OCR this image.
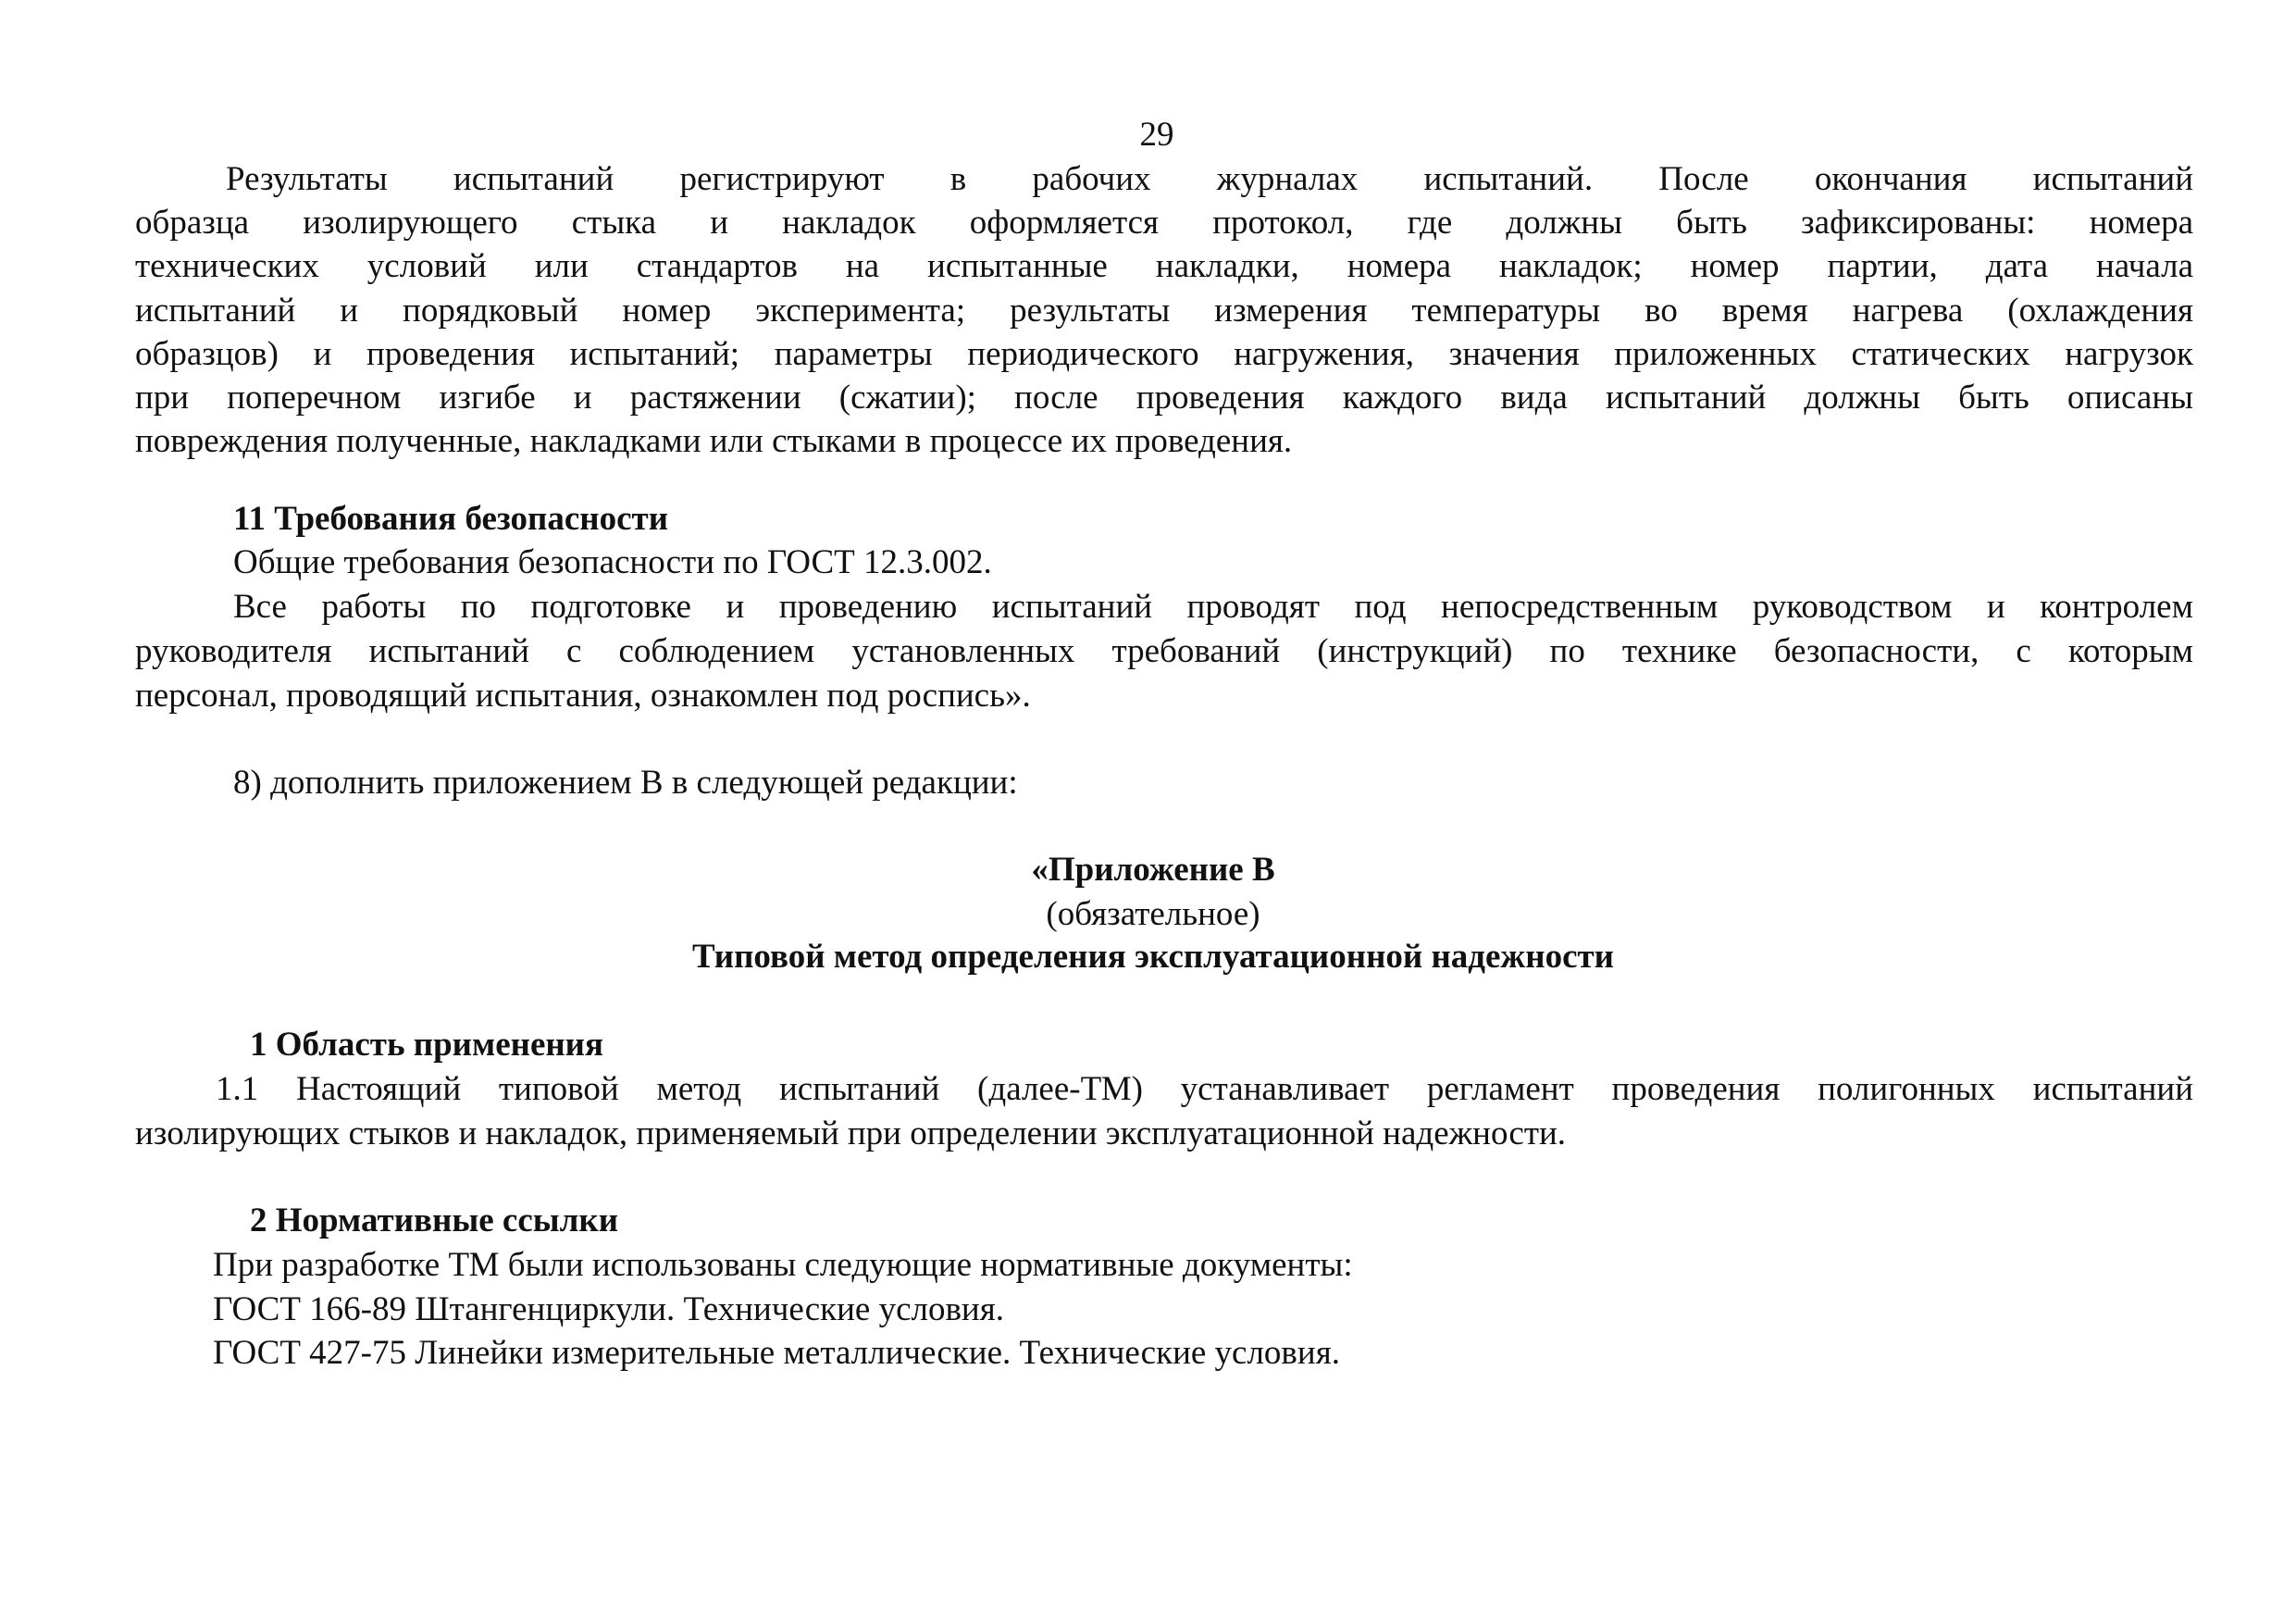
29
Результаты испытаний регистрируют в рабочих журналах испытаний. После окончания испытаний
образца изолирующего стыка и накладок оформляется протокол, где должны быть зафиксированы: номера
технических условий или стандартов на испытанные накладки, номера накладок; номер партии, дата начала
испытаний и порядковый номер эксперимента; результаты измерения температуры во время нагрева (охлаждения
образцов) и проведения испытаний; параметры периодического нагружения, значения приложенных статических нагрузок
при поперечном изгибе и растяжении (сжатии); после проведения каждого вида испытаний должны быть описаны
повреждения полученные, накладками или стыками в процессе их проведения.
11 Требования безопасности
Общие требования безопасности по ГОСТ 12.3.002.
Все работы по подготовке и проведению испытаний проводят под непосредственным руководством и контролем
руководителя испытаний с соблюдением установленных требований (инструкций) по технике безопасности, с которым
персонал, проводящий испытания, ознакомлен под роспись».
8) дополнить приложением В в следующей редакции:
«Приложение В
(обязательное)
Типовой метод определения эксплуатационной надежности
1 Область применения
1.1 Настоящий типовой метод испытаний (далее-ТМ) устанавливает регламент проведения полигонных испытаний
изолирующих стыков и накладок, применяемый при определении эксплуатационной надежности.
2 Нормативные ссылки
При разработке ТМ были использованы следующие нормативные документы:
ГОСТ 166-89 Штангенциркули. Технические условия.
ГОСТ 427-75 Линейки измерительные металлические. Технические условия.
